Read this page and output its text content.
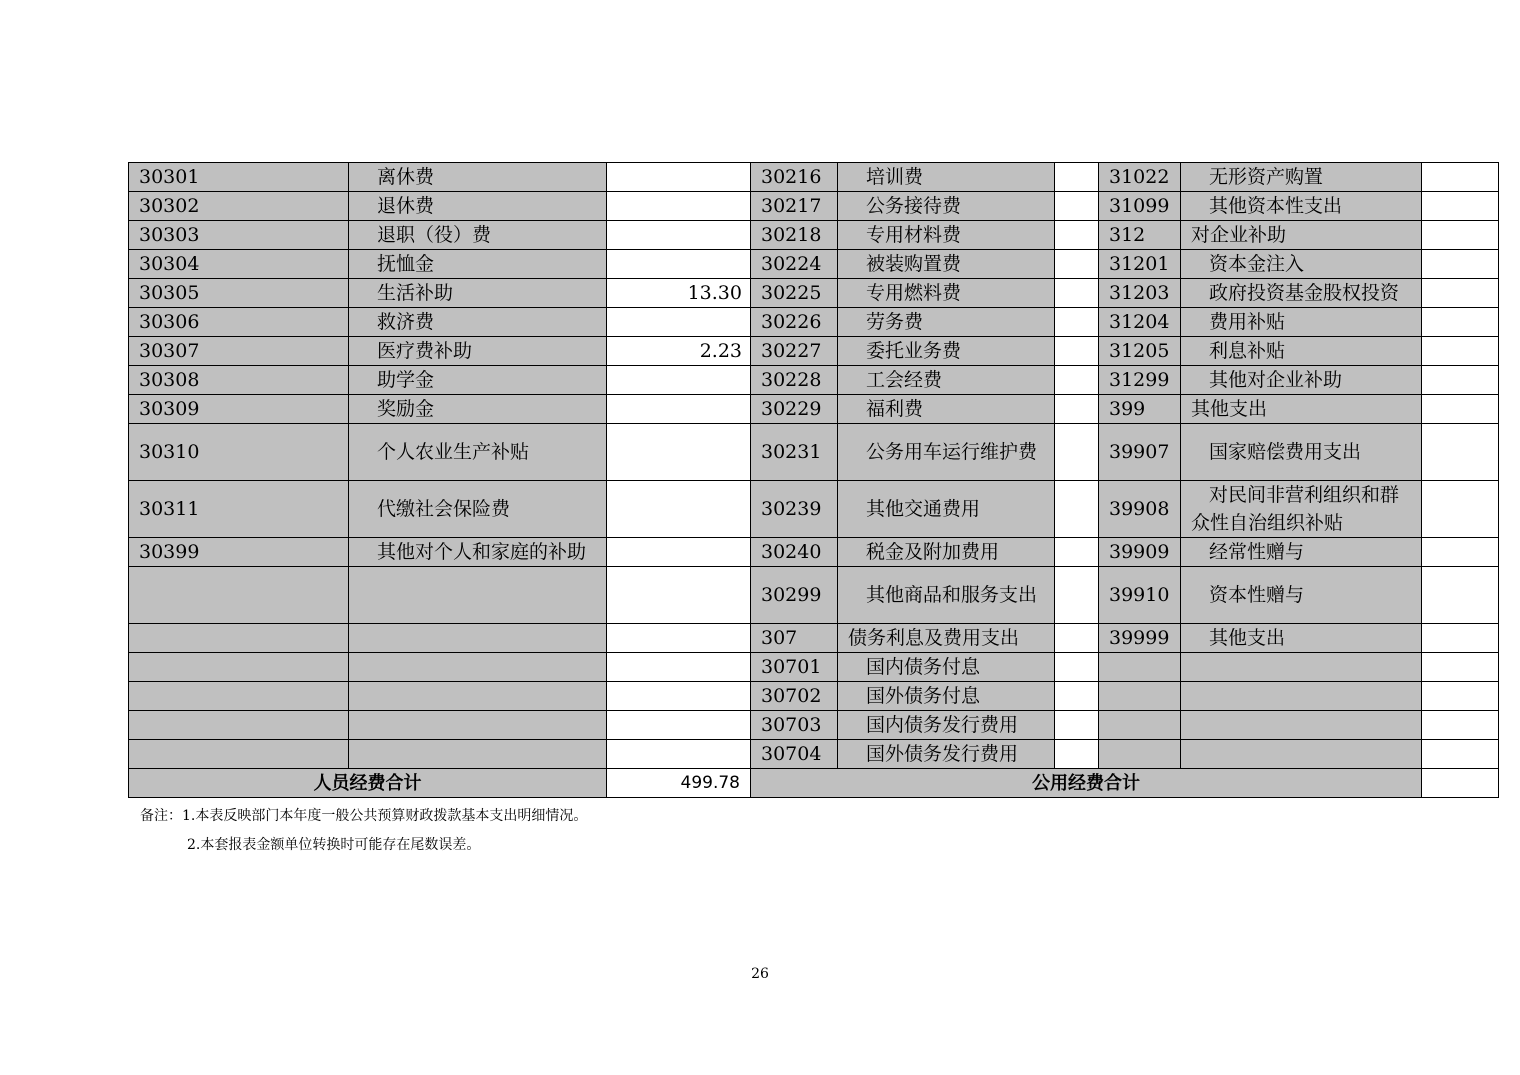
30301	离休费		30216	培训费		31022	无形资产购置	
30302	退休费		30217	公务接待费		31099	其他资本性支出	
30303	退职（役）费		30218	专用材料费		312	对企业补助	
30304	抚恤金		30224	被装购置费		31201	资本金注入	
30305	生活补助	13.30	30225	专用燃料费		31203	政府投资基金股权投资	
30306	救济费		30226	劳务费		31204	费用补贴	
30307	医疗费补助	2.23	30227	委托业务费		31205	利息补贴	
30308	助学金		30228	工会经费		31299	其他对企业补助	
30309	奖励金		30229	福利费		399	其他支出	
30310	个人农业生产补贴		30231	公务用车运行维护费		39907	国家赔偿费用支出	
30311	代缴社会保险费		30239	其他交通费用		39908	对民间非营利组织和群众性自治组织补贴	
30399	其他对个人和家庭的补助		30240	税金及附加费用		39909	经常性赠与	
			30299	其他商品和服务支出		39910	资本性赠与	
			307	债务利息及费用支出		39999	其他支出	
			30701	国内债务付息				
			30702	国外债务付息				
			30703	国内债务发行费用				
			30704	国外债务发行费用				
人员经费合计		499.78	公用经费合计					
备注：1.本表反映部门本年度一般公共预算财政拨款基本支出明细情况。
2.本套报表金额单位转换时可能存在尾数误差。
26
